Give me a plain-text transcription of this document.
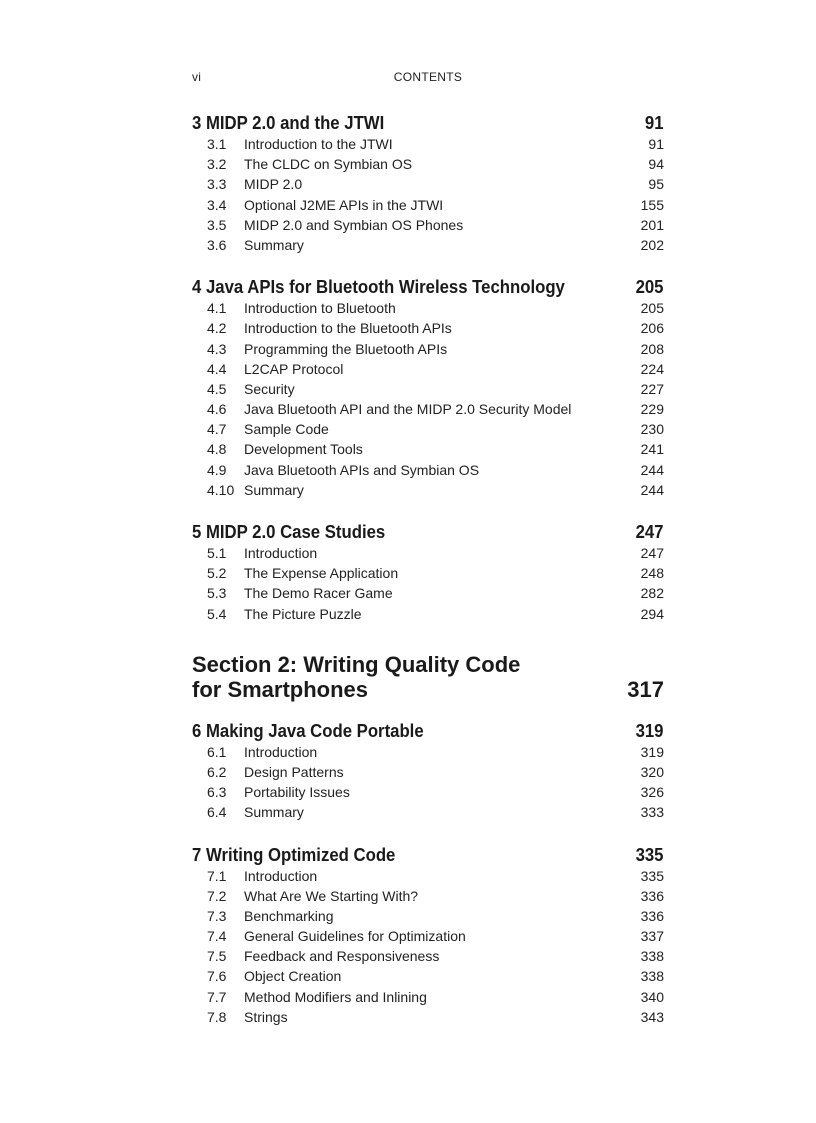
vi	CONTENTS
3 MIDP 2.0 and the JTWI	91
3.1	Introduction to the JTWI	91
3.2	The CLDC on Symbian OS	94
3.3	MIDP 2.0	95
3.4	Optional J2ME APIs in the JTWI	155
3.5	MIDP 2.0 and Symbian OS Phones	201
3.6	Summary	202
4 Java APIs for Bluetooth Wireless Technology	205
4.1	Introduction to Bluetooth	205
4.2	Introduction to the Bluetooth APIs	206
4.3	Programming the Bluetooth APIs	208
4.4	L2CAP Protocol	224
4.5	Security	227
4.6	Java Bluetooth API and the MIDP 2.0 Security Model	229
4.7	Sample Code	230
4.8	Development Tools	241
4.9	Java Bluetooth APIs and Symbian OS	244
4.10 Summary	244
5 MIDP 2.0 Case Studies	247
5.1	Introduction	247
5.2	The Expense Application	248
5.3	The Demo Racer Game	282
5.4	The Picture Puzzle	294
Section 2: Writing Quality Code
for Smartphones	317
6 Making Java Code Portable	319
6.1	Introduction	319
6.2	Design Patterns	320
6.3	Portability Issues	326
6.4	Summary	333
7 Writing Optimized Code	335
7.1	Introduction	335
7.2	What Are We Starting With?	336
7.3	Benchmarking	336
7.4	General Guidelines for Optimization	337
7.5	Feedback and Responsiveness	338
7.6	Object Creation	338
7.7	Method Modifiers and Inlining	340
7.8	Strings	343
